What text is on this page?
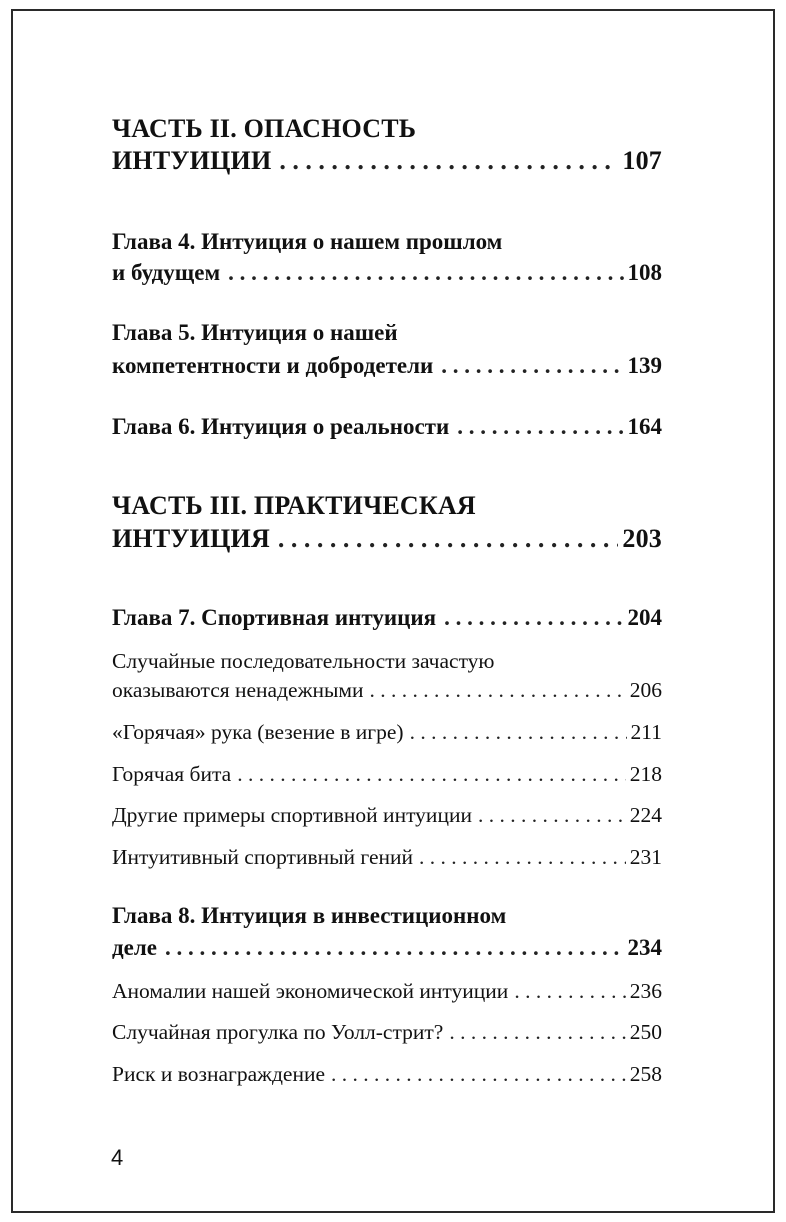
ЧАСТЬ II. ОПАСНОСТЬ
ИНТУИЦИИ . . .	107
Глава 4. Интуиция о нашем прошлом
и будущем . . .	108
Глава 5. Интуиция о нашей
компетентности и добродетели . . .	139
Глава 6. Интуиция о реальности . . .	164
ЧАСТЬ III. ПРАКТИЧЕСКАЯ
ИНТУИЦИЯ . . .	203
Глава 7. Спортивная интуиция . . .	204
Случайные последовательности зачастую
оказываются ненадежными . . .	206
«Горячая» рука (везение в игре) . . .	211
Горячая бита . . .	218
Другие примеры спортивной интуиции . . .	224
Интуитивный спортивный гений . . .	231
Глава 8. Интуиция в инвестиционном
деле . . .	234
Аномалии нашей экономической интуиции . . .	236
Случайная прогулка по Уолл-стрит? . . .	250
Риск и вознаграждение . . .	258
4
